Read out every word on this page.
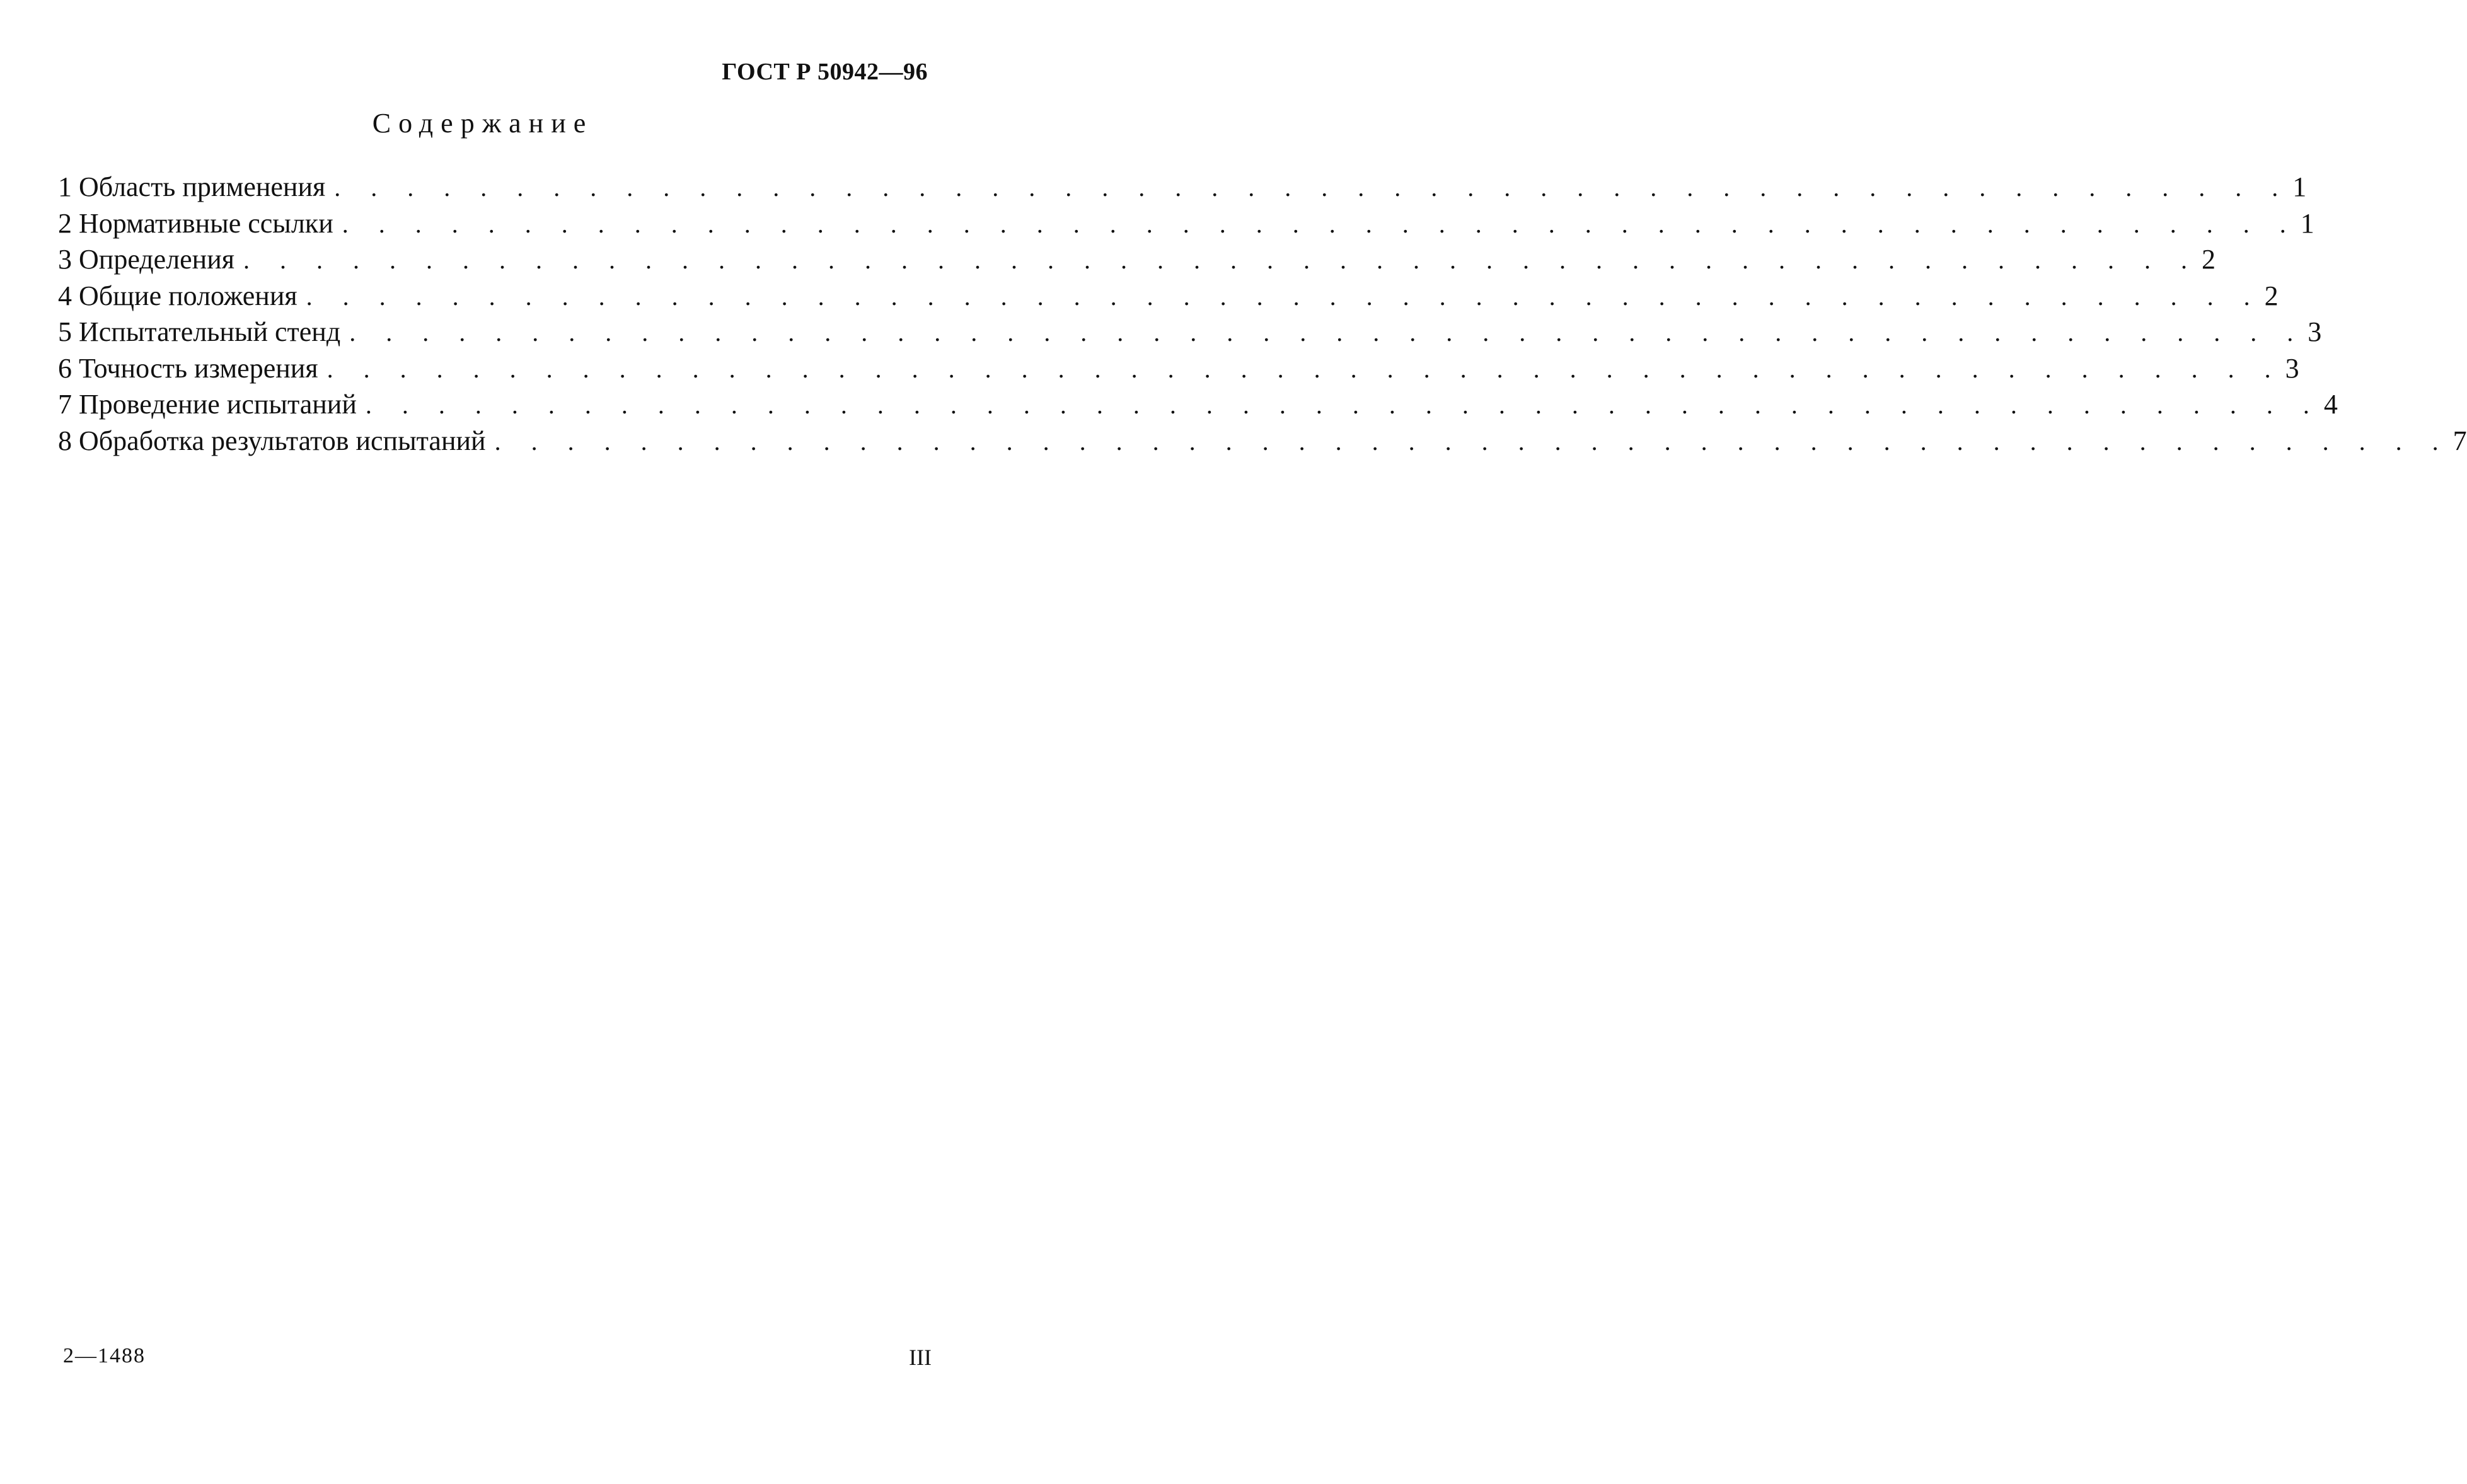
ГОСТ Р 50942—96
Содержание
1 Область применения . . . . . . . . . . . . . . . . . . . . . . . . . . . . . . . . . . . . . . . . . . . . . . . . . . . . . . 1
2 Нормативные ссылки . . . . . . . . . . . . . . . . . . . . . . . . . . . . . . . . . . . . . . . . . . . . . . . . . . . . . . 1
3 Определения . . . . . . . . . . . . . . . . . . . . . . . . . . . . . . . . . . . . . . . . . . . . . . . . . . . . . . 2
4 Общие положения . . . . . . . . . . . . . . . . . . . . . . . . . . . . . . . . . . . . . . . . . . . . . . . . . . . . . . 2
5 Испытательный стенд . . . . . . . . . . . . . . . . . . . . . . . . . . . . . . . . . . . . . . . . . . . . . . . . . . . . . . 3
6 Точность измерения . . . . . . . . . . . . . . . . . . . . . . . . . . . . . . . . . . . . . . . . . . . . . . . . . . . . . . 3
7 Проведение испытаний . . . . . . . . . . . . . . . . . . . . . . . . . . . . . . . . . . . . . . . . . . . . . . . . . . . . . . 4
8 Обработка результатов испытаний . . . . . . . . . . . . . . . . . . . . . . . . . . . . . . . . . . . . . . . . . . . . . . . . . . . . . . 7
2—1488	III
